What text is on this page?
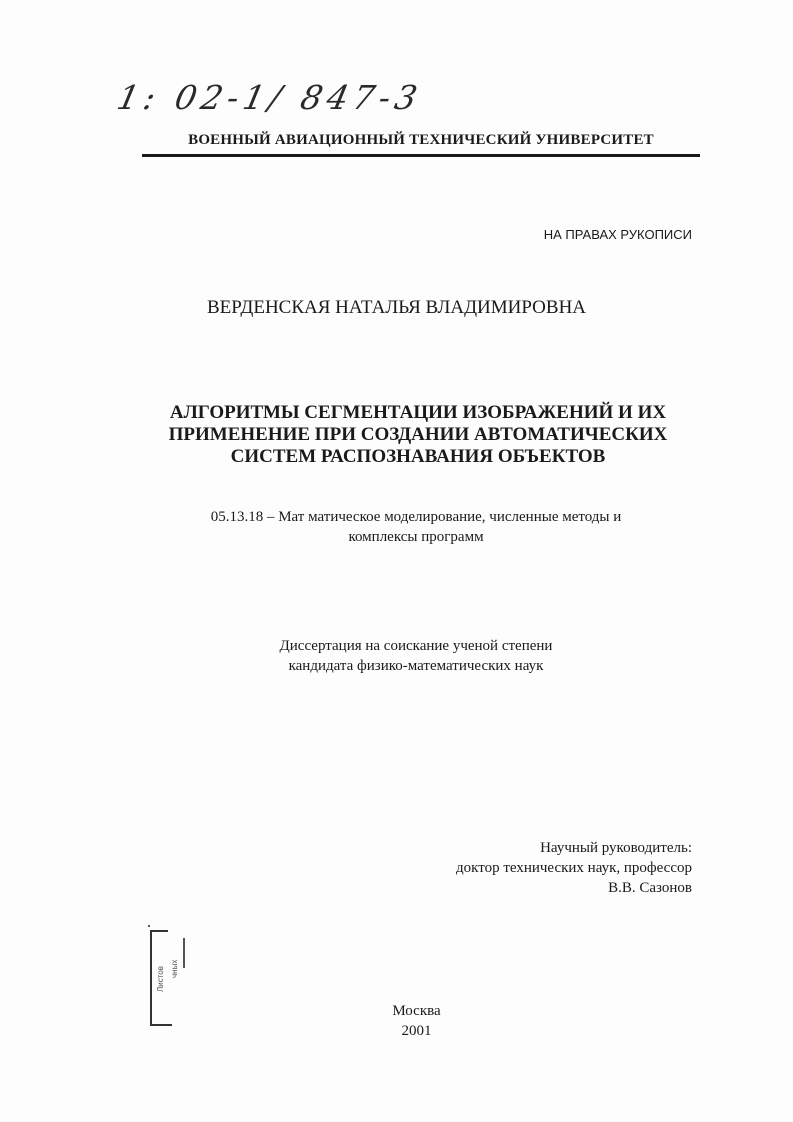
1: 02-1/ 847-3
ВОЕННЫЙ АВИАЦИОННЫЙ ТЕХНИЧЕСКИЙ УНИВЕРСИТЕТ
НА ПРАВАХ РУКОПИСИ
ВЕРДЕНСКАЯ НАТАЛЬЯ ВЛАДИМИРОВНА
АЛГОРИТМЫ СЕГМЕНТАЦИИ ИЗОБРАЖЕНИЙ И ИХ
ПРИМЕНЕНИЕ ПРИ СОЗДАНИИ АВТОМАТИЧЕСКИХ
СИСТЕМ РАСПОЗНАВАНИЯ ОБЪЕКТОВ
05.13.18 – Мат матическое моделирование, численные методы и
комплексы программ
Диссертация на соискание ученой степени
кандидата физико-математических наук
Научный руководитель:
доктор технических наук, профессор
В.В. Сазонов
Листов чных
Москва
2001
